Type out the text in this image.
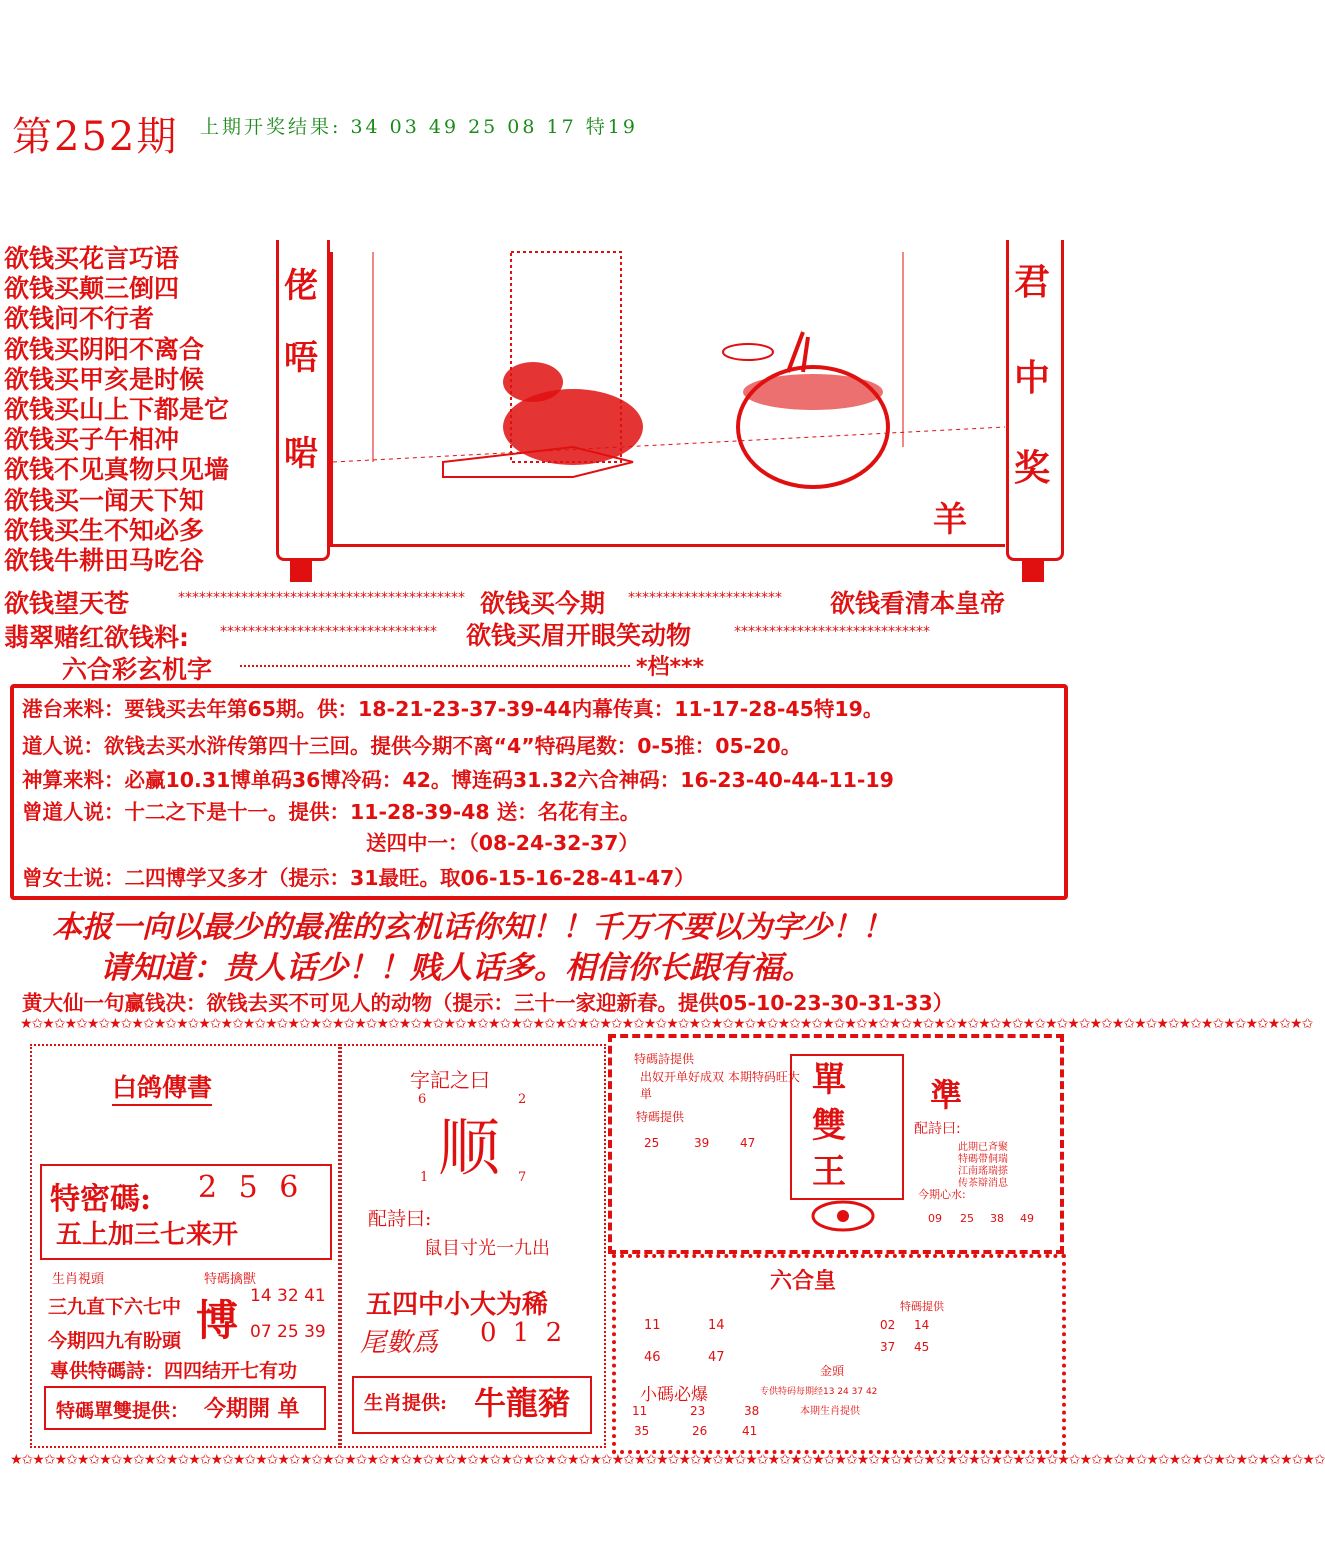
第252期 上期开奖结果: 34 03 49 25 08 17 特19
欲钱买花言巧语
欲钱买颠三倒四
欲钱问不行者
欲钱买阴阳不离合
欲钱买甲亥是时候
欲钱买山上下都是它
欲钱买子午相冲
欲钱不见真物只见墙
欲钱买一闻天下知
欲钱买生不知必多
欲钱牛耕田马吃谷
佬
唔
啱
君
中
奖
羊
欲钱望天苍	***************************************** 欲钱买今期 ********************** 欲钱看清本皇帝
翡翠赌红欲钱料: ******************************* 欲钱买眉开眼笑动物	****************************
六合彩玄机字	*档***
港台来料：要钱买去年第65期。供：18-21-23-37-39-44内幕传真：11-17-28-45特19。
道人说：欲钱去买水浒传第四十三回。提供今期不离“4”特码尾数：0-5推：05-20。
神算来料：必赢10.31博单码36博冷码：42。博连码31.32六合神码：16-23-40-44-11-19
曾道人说：十二之下是十一。提供：11-28-39-48 送：名花有主。
送四中一：（08-24-32-37）
曾女士说：二四博学又多才（提示：31最旺。取06-15-16-28-41-47）
本报一向以最少的最准的玄机话你知！！千万不要以为字少！！
请知道：贵人话少！！贱人话多。相信你长跟有福。
黄大仙一句赢钱决：欲钱去买不可见人的动物（提示：三十一家迎新春。提供05-10-23-30-31-33）
★✩★✩★✩★✩★✩★✩★✩★✩★✩★✩★✩★✩★✩★✩★✩★✩★✩★✩★✩★✩★✩★✩★✩★✩★✩★✩★✩★✩★✩★✩★✩★✩★✩★✩★✩★✩★✩★✩★✩★✩★✩★✩★✩★✩★✩★✩★✩★✩★✩★✩★✩★✩★✩★✩★✩★✩★✩★✩
★✩★✩★✩★✩★✩★✩★✩★✩★✩★✩★✩★✩★✩★✩★✩★✩★✩★✩★✩★✩★✩★✩★✩★✩★✩★✩★✩★✩★✩★✩★✩★✩★✩★✩★✩★✩★✩★✩★✩★✩★✩★✩★✩★✩★✩★✩★✩★✩★✩★✩★✩★✩★✩★✩★✩★✩★✩★✩★✩
白鸽傳書
特密碼: 2 5 6
五上加三七来开
生肖視頭
三九直下六七中
今期四九有盼頭
特碼擒獸
博 14 32 41
07 25 39
專供特碼詩：四四结开七有功
特碼單雙提供： 今期開 单
字記之曰
6	2
顺
1	7
配詩曰:
鼠目寸光一九出
五四中小大为稀
尾數爲 0 1 2
生肖提供: 牛龍豬
特碼詩提供
出奴开单好成双 本期特码旺大単
特碼提供
25	39	47
單
雙
王
準
配詩曰:
此期已斉聚
特碼帶侗瑞
江南瑤瑞搽
传茶辯消息
今期心水:
09 25 38 49
六合皇
11	14
46	47
特碼提供
02 14
37 45
金頭
小碼必爆	专供特码每期经13 24 37 42
本期生肖提供
11	23	38
35	26	41
